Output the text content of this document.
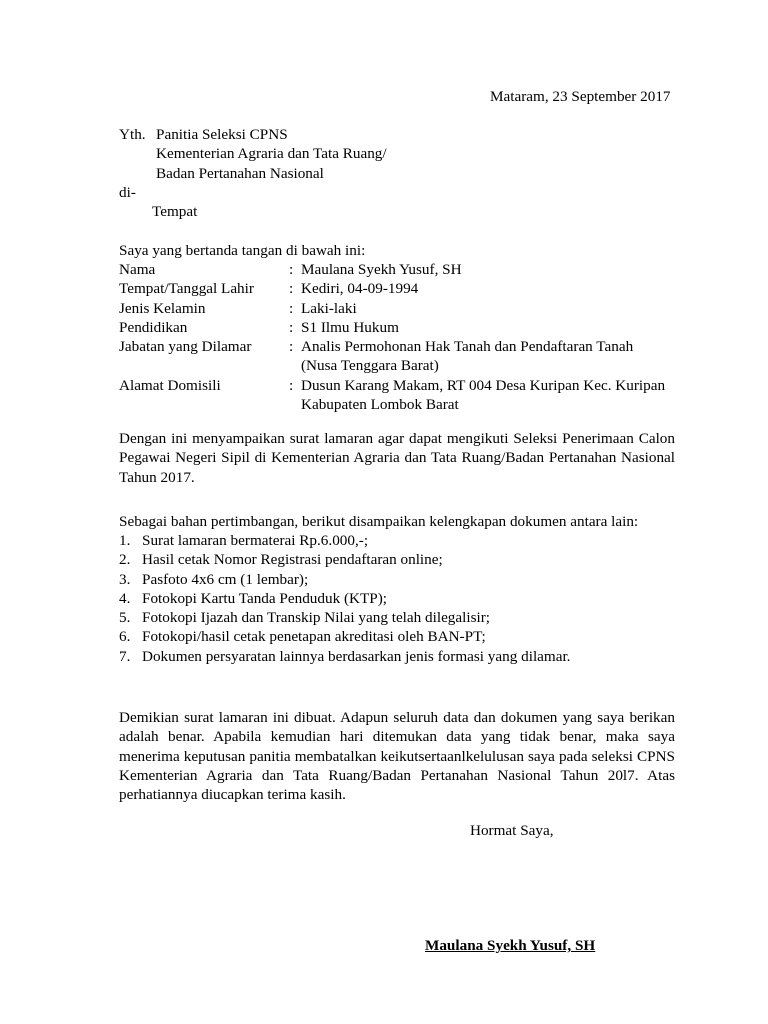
Mataram, 23 September 2017
Yth. Panitia Seleksi CPNS
Kementerian Agraria dan Tata Ruang/
Badan Pertanahan Nasional
di-
Tempat
Saya yang bertanda tangan di bawah ini:
Nama	: Maulana Syekh Yusuf, SH
Tempat/Tanggal Lahir	: Kediri, 04-09-1994
Jenis Kelamin	: Laki-laki
Pendidikan	: S1 Ilmu Hukum
Jabatan yang Dilamar	: Analis Permohonan Hak Tanah dan Pendaftaran Tanah
(Nusa Tenggara Barat)
Alamat Domisili	: Dusun Karang Makam, RT 004 Desa Kuripan Kec. Kuripan
Kabupaten Lombok Barat
Dengan ini menyampaikan surat lamaran agar dapat mengikuti Seleksi Penerimaan Calon Pegawai Negeri Sipil di Kementerian Agraria dan Tata Ruang/Badan Pertanahan Nasional Tahun 2017.
Sebagai bahan pertimbangan, berikut disampaikan kelengkapan dokumen antara lain:
1. Surat lamaran bermaterai Rp.6.000,-;
2. Hasil cetak Nomor Registrasi pendaftaran online;
3. Pasfoto 4x6 cm (1 lembar);
4. Fotokopi Kartu Tanda Penduduk (KTP);
5. Fotokopi Ijazah dan Transkip Nilai yang telah dilegalisir;
6. Fotokopi/hasil cetak penetapan akreditasi oleh BAN-PT;
7. Dokumen persyaratan lainnya berdasarkan jenis formasi yang dilamar.
Demikian surat lamaran ini dibuat. Adapun seluruh data dan dokumen yang saya berikan adalah benar. Apabila kemudian hari ditemukan data yang tidak benar, maka saya menerima keputusan panitia membatalkan keikutsertaanlkelulusan saya pada seleksi CPNS Kementerian Agraria dan Tata Ruang/Badan Pertanahan Nasional Tahun 20l7. Atas perhatiannya diucapkan terima kasih.
Hormat Saya,
Maulana Syekh Yusuf, SH
